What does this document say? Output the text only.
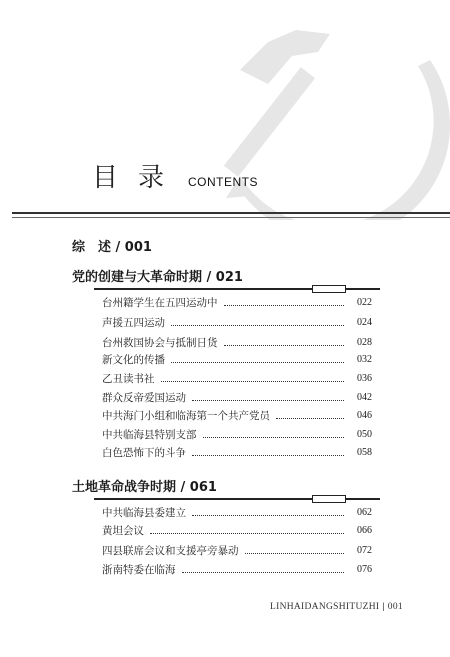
目录 CONTENTS
综　述 / 001
党的创建与大革命时期 / 021
台州籍学生在五四运动中	022
声援五四运动	024
台州救国协会与抵制日货	028
新文化的传播	032
乙丑读书社	036
群众反帝爱国运动	042
中共海门小组和临海第一个共产党员	046
中共临海县特别支部	050
白色恐怖下的斗争	058
土地革命战争时期 / 061
中共临海县委建立	062
黄坦会议	066
四县联席会议和支援亭旁暴动	072
浙南特委在临海	076
LINHAIDANGSHITUZHI | 001
